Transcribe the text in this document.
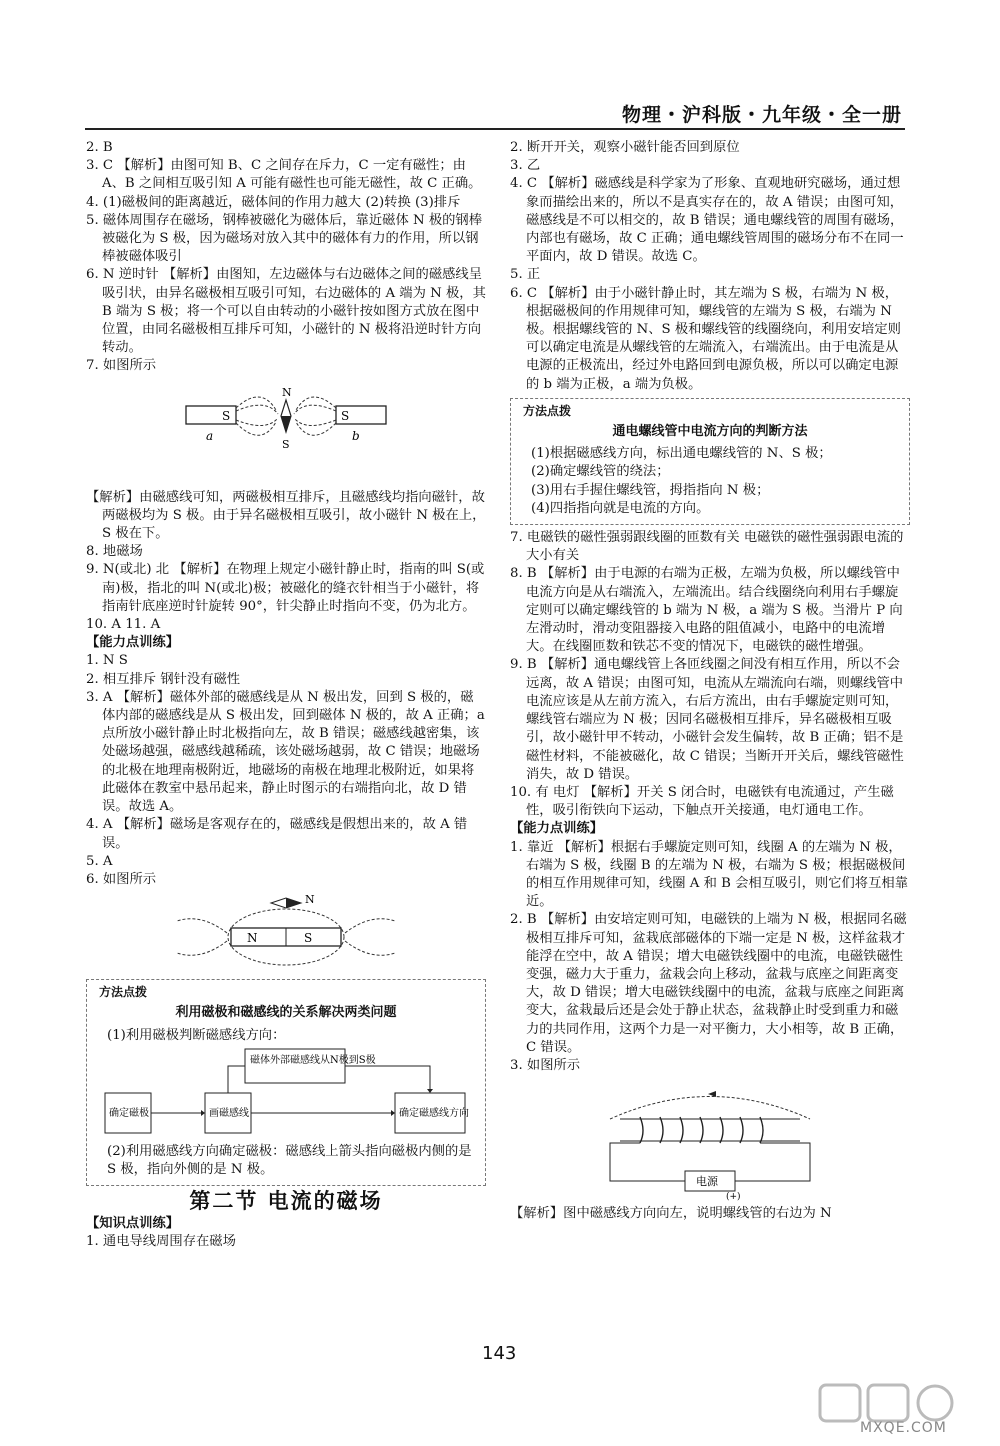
物理・沪科版・九年级・全一册

2. B

3. C 【解析】由图可知 B、C 之间存在斥力，C 一定有磁性；由 A、B 之间相互吸引知 A 可能有磁性也可能无磁性，故 C 正确。

4. (1)磁极间的距离越近，磁体间的作用力越大 (2)转换 (3)排斥

5. 磁体周围存在磁场，钢棒被磁化为磁体后，靠近磁体 N 极的钢棒被磁化为 S 极，因为磁场对放入其中的磁体有力的作用，所以钢棒被磁体吸引

6. N 逆时针 【解析】由图知，左边磁体与右边磁体之间的磁感线呈吸引状，由异名磁极相互吸引可知，右边磁体的 A 端为 N 极，其 B 端为 S 极；将一个可以自由转动的小磁针按如图方式放在图中位置，由同名磁极相互排斥可知，小磁针的 N 极将沿逆时针方向转动。

7. 如图所示

S	S
a	b
N
S

【解析】由磁感线可知，两磁极相互排斥，且磁感线均指向磁针，故两磁极均为 S 极。由于异名磁极相互吸引，故小磁针 N 极在上，S 极在下。

8. 地磁场

9. N(或北) 北 【解析】在物理上规定小磁针静止时，指南的叫 S(或南)极，指北的叫 N(或北)极；被磁化的缝衣针相当于小磁针，将指南针底座逆时针旋转 90°，针尖静止时指向不变，仍为北方。

10. A 11. A

【能力点训练】

1. N S

2. 相互排斥 钢针没有磁性

3. A 【解析】磁体外部的磁感线是从 N 极出发，回到 S 极的，磁体内部的磁感线是从 S 极出发，回到磁体 N 极的，故 A 正确；a 点所放小磁针静止时北极指向左，故 B 错误；磁感线越密集，该处磁场越强，磁感线越稀疏，该处磁场越弱，故 C 错误；地磁场的北极在地理南极附近，地磁场的南极在地理北极附近，如果将此磁体在教室中悬吊起来，静止时图示的右端指向北，故 D 错误。故选 A。

4. A 【解析】磁场是客观存在的，磁感线是假想出来的，故 A 错误。

5. A

6. 如图所示

N	S
N
方法点拨
利用磁极和磁感线的关系解决两类问题

(1)利用磁极判断磁感线方向：

磁体外部磁感线从N极到S极
确定磁极	画磁感线	确定磁感线方向

(2)利用磁感线方向确定磁极：磁感线上箭头指向磁极内侧的是 S 极，指向外侧的是 N 极。

第二节 电流的磁场

【知识点训练】

1. 通电导线周围存在磁场

2. 断开开关，观察小磁针能否回到原位

3. 乙

4. C 【解析】磁感线是科学家为了形象、直观地研究磁场，通过想象而描绘出来的，所以不是真实存在的，故 A 错误；由图可知，磁感线是不可以相交的，故 B 错误；通电螺线管的周围有磁场，内部也有磁场，故 C 正确；通电螺线管周围的磁场分布不在同一平面内，故 D 错误。故选 C。

5. 正

6. C 【解析】由于小磁针静止时，其左端为 S 极，右端为 N 极，根据磁极间的作用规律可知，螺线管的左端为 S 极，右端为 N 极。根据螺线管的 N、S 极和螺线管的线圈绕向，利用安培定则可以确定电流是从螺线管的左端流入，右端流出。由于电流是从电源的正极流出，经过外电路回到电源负极，所以可以确定电源的 b 端为正极，a 端为负极。

方法点拨
通电螺线管中电流方向的判断方法

(1)根据磁感线方向，标出通电螺线管的 N、S 极；

(2)确定螺线管的绕法；

(3)用右手握住螺线管，拇指指向 N 极；

(4)四指指向就是电流的方向。

7. 电磁铁的磁性强弱跟线圈的匝数有关 电磁铁的磁性强弱跟电流的大小有关

8. B 【解析】由于电源的右端为正极，左端为负极，所以螺线管中电流方向是从右端流入，左端流出。结合线圈绕向利用右手螺旋定则可以确定螺线管的 b 端为 N 极，a 端为 S 极。当滑片 P 向左滑动时，滑动变阻器接入电路的阻值减小，电路中的电流增大。在线圈匝数和铁芯不变的情况下，电磁铁的磁性增强。

9. B 【解析】通电螺线管上各匝线圈之间没有相互作用，所以不会远离，故 A 错误；由图可知，电流从左端流向右端，则螺线管中电流应该是从左前方流入，右后方流出，由右手螺旋定则可知，螺线管右端应为 N 极；因同名磁极相互排斥，异名磁极相互吸引，故小磁针甲不转动，小磁针会发生偏转，故 B 正确；铝不是磁性材料，不能被磁化，故 C 错误；当断开开关后，螺线管磁性消失，故 D 错误。

10. 有 电灯 【解析】开关 S 闭合时，电磁铁有电流通过，产生磁性，吸引衔铁向下运动，下触点开关接通，电灯通电工作。

【能力点训练】

1. 靠近 【解析】根据右手螺旋定则可知，线圈 A 的左端为 N 极，右端为 S 极，线圈 B 的左端为 N 极，右端为 S 极；根据磁极间的相互作用规律可知，线圈 A 和 B 会相互吸引，则它们将互相靠近。

2. B 【解析】由安培定则可知，电磁铁的上端为 N 极，根据同名磁极相互排斥可知，盆栽底部磁体的下端一定是 N 极，这样盆栽才能浮在空中，故 A 错误；增大电磁铁线圈中的电流，电磁铁磁性变强，磁力大于重力，盆栽会向上移动，盆栽与底座之间距离变大，故 D 错误；增大电磁铁线圈中的电流，盆栽与底座之间距离变大，盆栽最后还是会处于静止状态，盆栽静止时受到重力和磁力的共同作用，这两个力是一对平衡力，大小相等，故 B 正确，C 错误。

3. 如图所示

电源
(+)

【解析】图中磁感线方向向左，说明螺线管的右边为 N

143
MXQE.COM
